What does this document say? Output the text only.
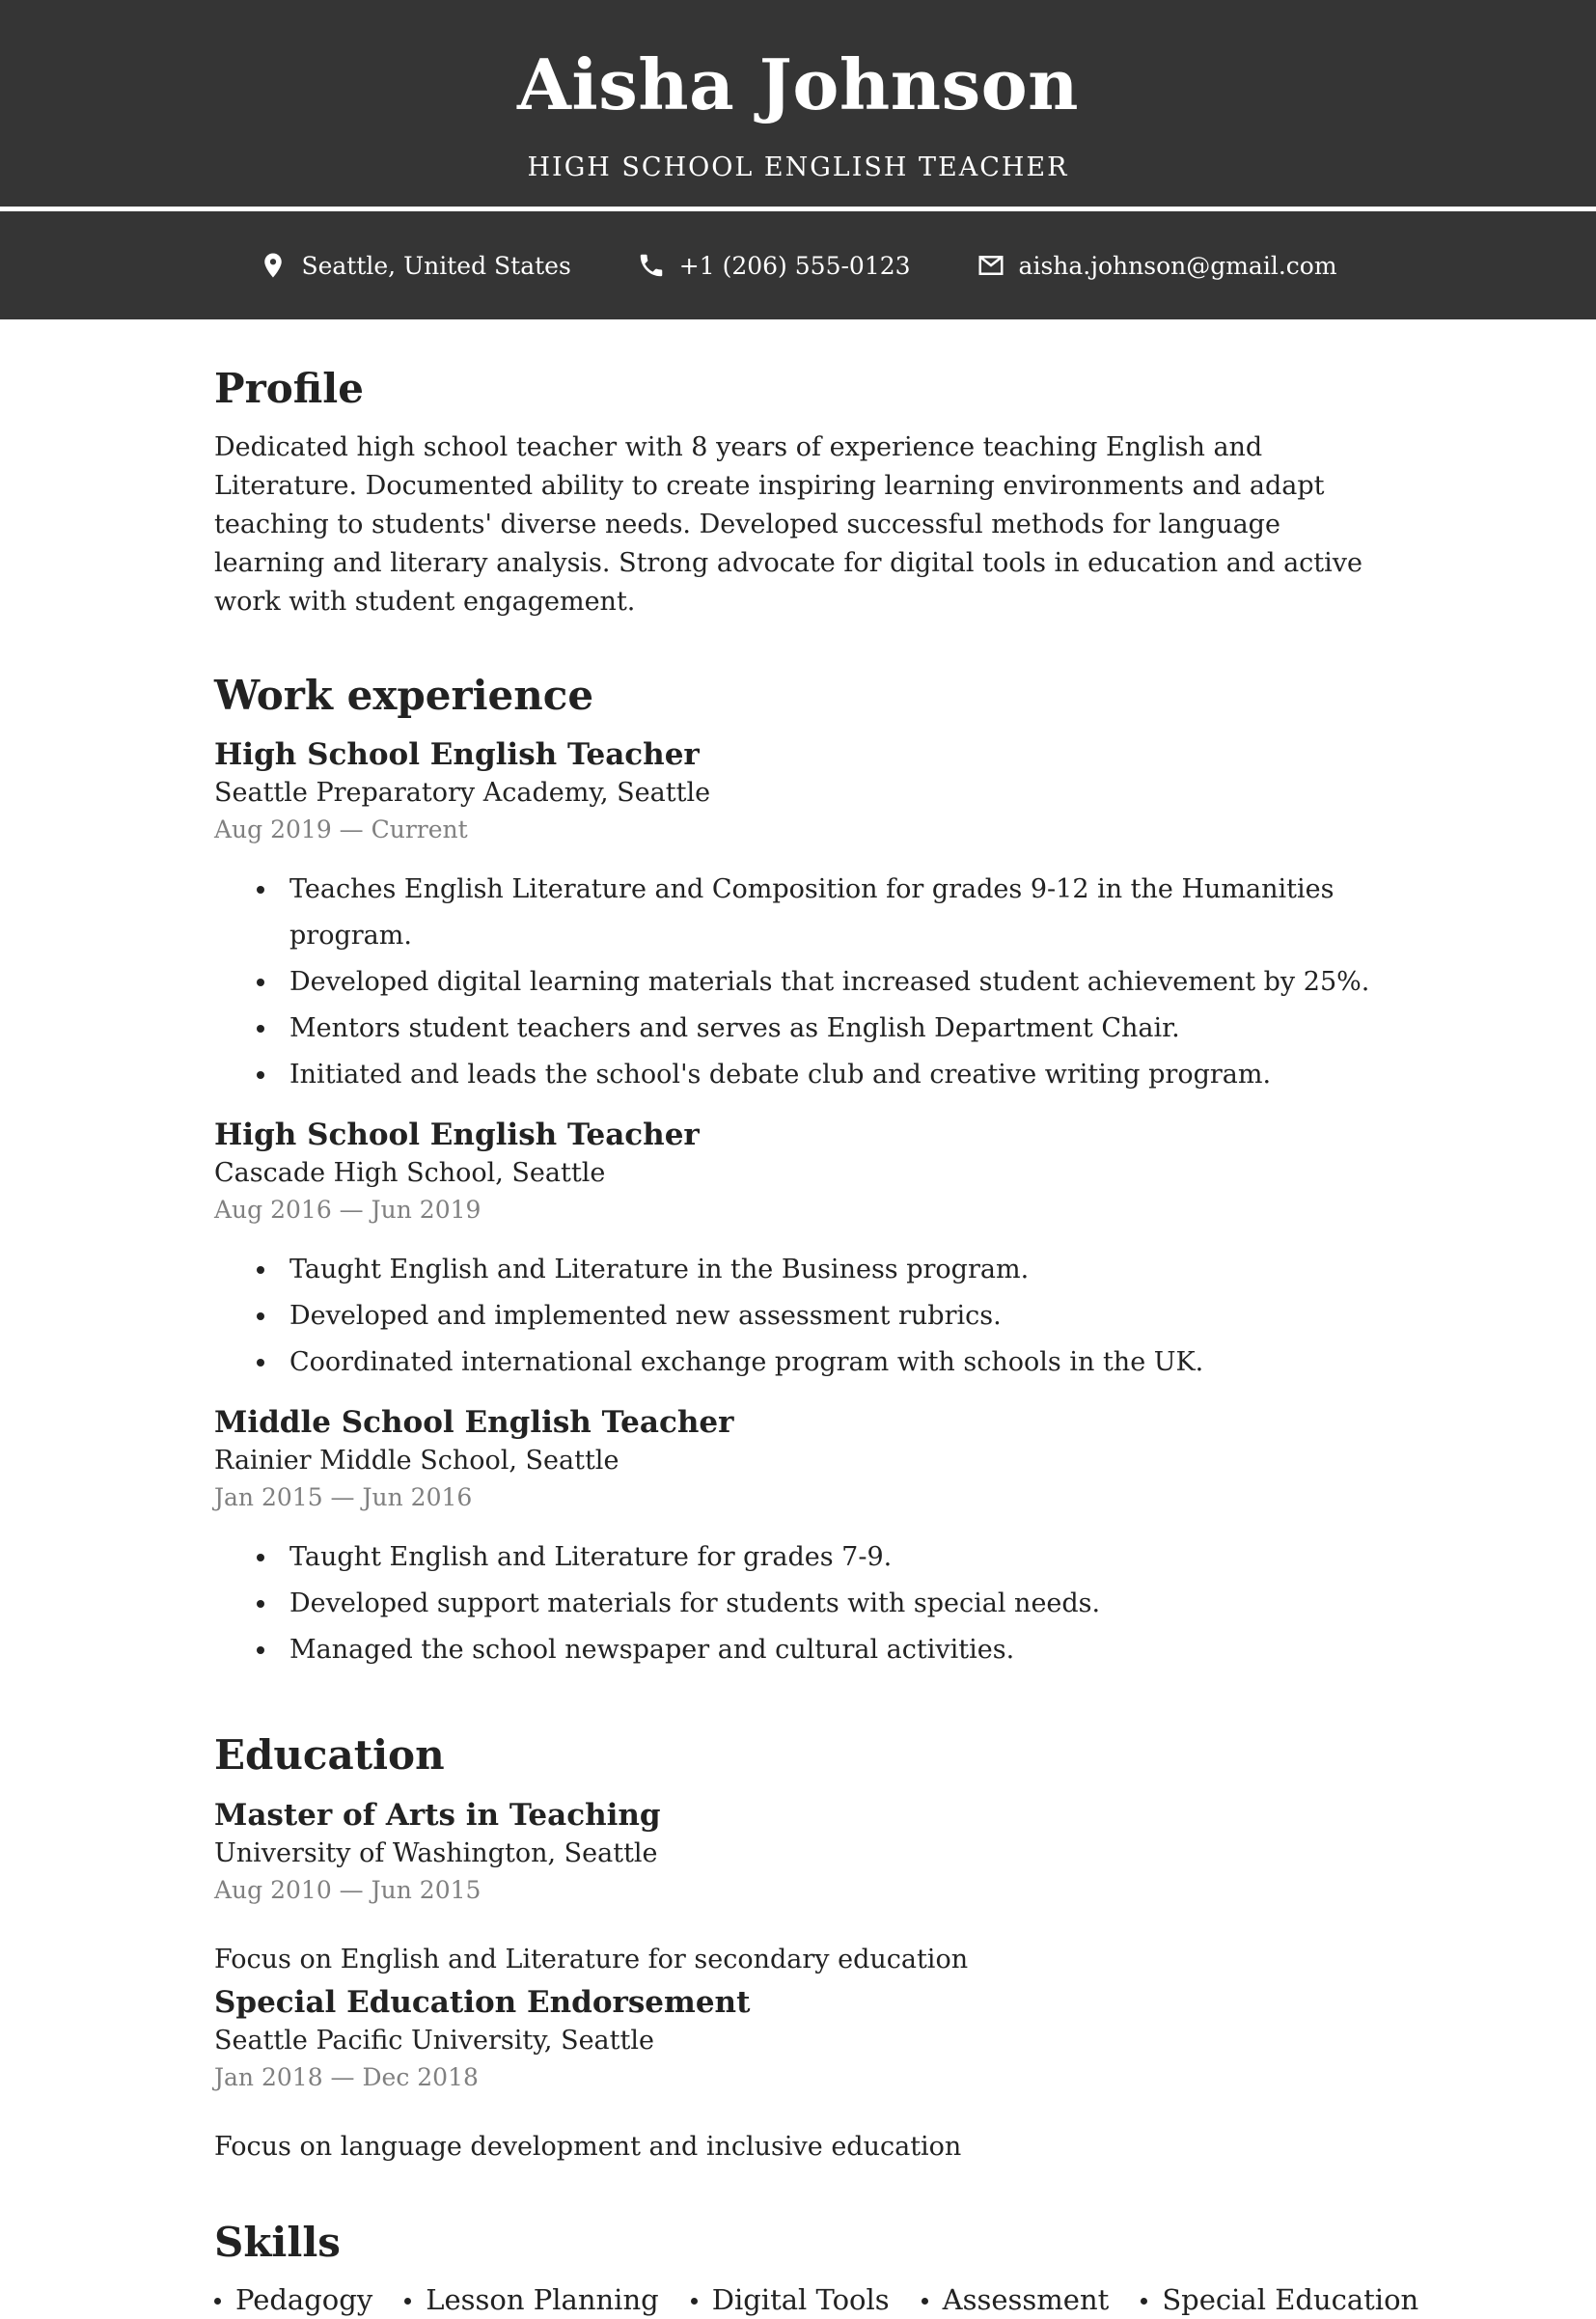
Aisha Johnson
HIGH SCHOOL ENGLISH TEACHER
Seattle, United States	+1 (206) 555-0123	aisha.johnson@gmail.com
Profile
Dedicated high school teacher with 8 years of experience teaching English and Literature. Documented ability to create inspiring learning environments and adapt teaching to students' diverse needs. Developed successful methods for language learning and literary analysis. Strong advocate for digital tools in education and active work with student engagement.
Work experience
High School English Teacher
Seattle Preparatory Academy, Seattle
Aug 2019 — Current
Teaches English Literature and Composition for grades 9-12 in the Humanities program.
Developed digital learning materials that increased student achievement by 25%.
Mentors student teachers and serves as English Department Chair.
Initiated and leads the school's debate club and creative writing program.
High School English Teacher
Cascade High School, Seattle
Aug 2016 — Jun 2019
Taught English and Literature in the Business program.
Developed and implemented new assessment rubrics.
Coordinated international exchange program with schools in the UK.
Middle School English Teacher
Rainier Middle School, Seattle
Jan 2015 — Jun 2016
Taught English and Literature for grades 7-9.
Developed support materials for students with special needs.
Managed the school newspaper and cultural activities.
Education
Master of Arts in Teaching
University of Washington, Seattle
Aug 2010 — Jun 2015
Focus on English and Literature for secondary education
Special Education Endorsement
Seattle Pacific University, Seattle
Jan 2018 — Dec 2018
Focus on language development and inclusive education
Skills
Pedagogy	Lesson Planning	Digital Tools	Assessment	Special Education
